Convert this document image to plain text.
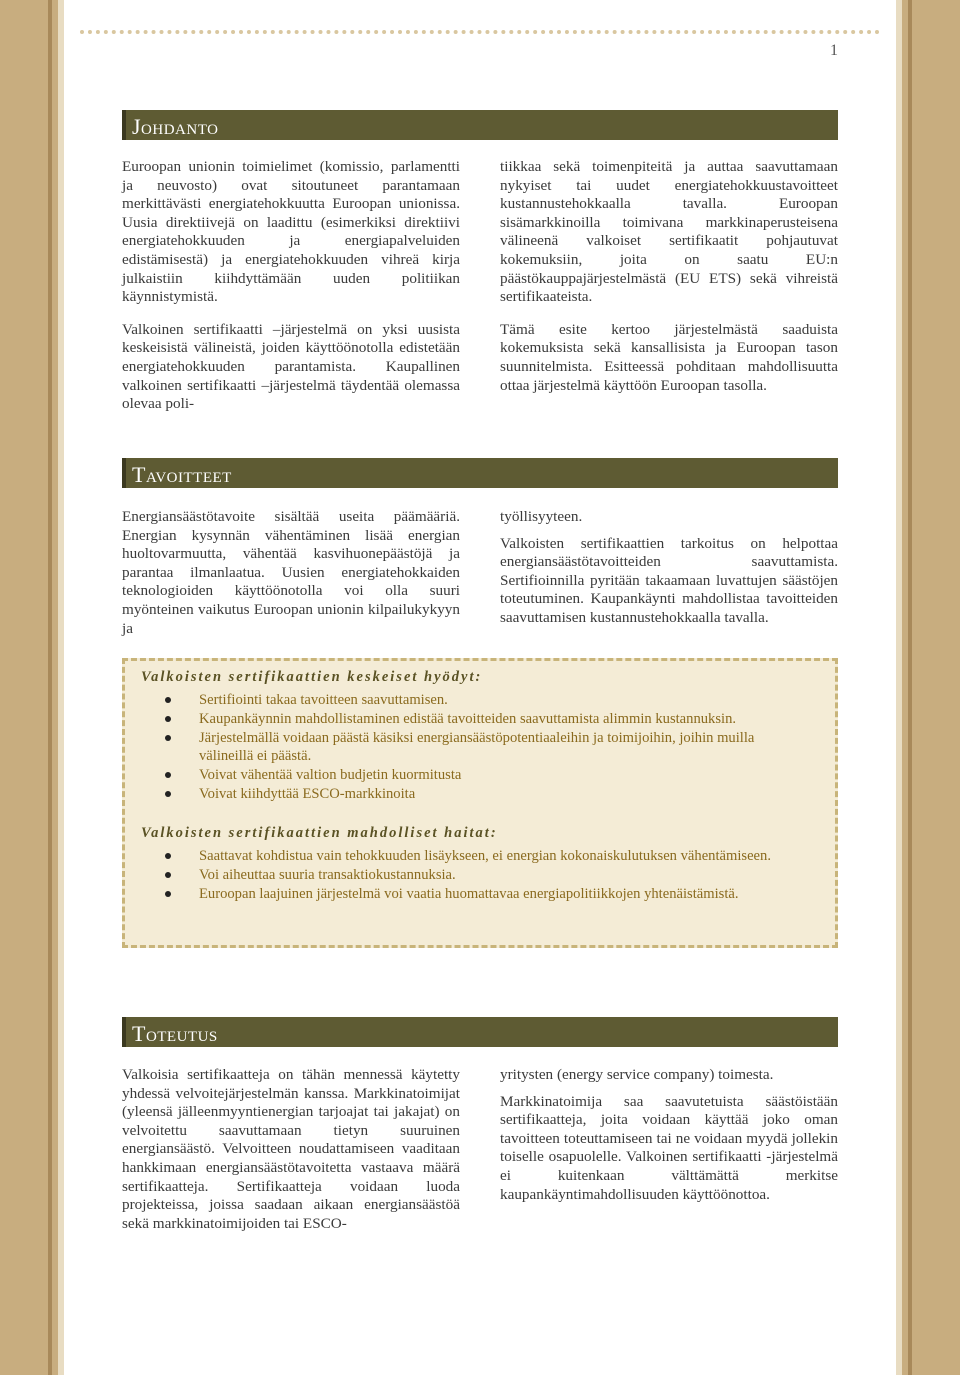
1
Johdanto

Euroopan unionin toimielimet (komissio, parlamentti ja neuvosto) ovat sitoutuneet parantamaan merkittävästi energiatehokkuutta Euroopan unionissa. Uusia direktiivejä on laadittu (esimerkiksi direktiivi energiatehokkuuden ja energiapalveluiden edistämisestä) ja energiatehokkuuden vihreä kirja julkaistiin kiihdyttämään uuden politiikan käynnistymistä.

Valkoinen sertifikaatti –järjestelmä on yksi uusista keskeisistä välineistä, joiden käyttöönotolla edistetään energiatehokkuuden parantamista. Kaupallinen valkoinen sertifikaatti –järjestelmä täydentää olemassa olevaa poli-

tiikkaa sekä toimenpiteitä ja auttaa saavuttamaan nykyiset tai uudet energiatehokkuustavoitteet kustannustehokkaalla tavalla. Euroopan sisämarkkinoilla toimivana markkinaperusteisena välineenä valkoiset sertifikaatit pohjautuvat kokemuksiin, joita on saatu EU:n päästökauppajärjestelmästä (EU ETS) sekä vihreistä sertifikaateista.

Tämä esite kertoo järjestelmästä saaduista kokemuksista sekä kansallisista ja Euroopan tason suunnitelmista. Esitteessä pohditaan mahdollisuutta ottaa järjestelmä käyttöön Euroopan tasolla.

Tavoitteet

Energiansäästötavoite sisältää useita päämääriä. Energian kysynnän vähentäminen lisää energian huoltovarmuutta, vähentää kasvihuonepäästöjä ja parantaa ilmanlaatua. Uusien energiatehokkaiden teknologioiden käyttöönotolla voi olla suuri myönteinen vaikutus Euroopan unionin kilpailukykyyn ja

työllisyyteen.

Valkoisten sertifikaattien tarkoitus on helpottaa energiansäästötavoitteiden saavuttamista. Sertifioinnilla pyritään takaamaan luvattujen säästöjen toteutuminen. Kaupankäynti mahdollistaa tavoitteiden saavuttamisen kustannustehokkaalla tavalla.

Valkoisten sertifikaattien keskeiset hyödyt:
Sertifiointi takaa tavoitteen saavuttamisen.
Kaupankäynnin mahdollistaminen edistää tavoitteiden saavuttamista alimmin kustannuksin.
Järjestelmällä voidaan päästä käsiksi energiansäästöpotentiaaleihin ja toimijoihin, joihin muilla välineillä ei päästä.
Voivat vähentää valtion budjetin kuormitusta
Voivat kiihdyttää ESCO-markkinoita
Valkoisten sertifikaattien mahdolliset haitat:
Saattavat kohdistua vain tehokkuuden lisäykseen, ei energian kokonaiskulutuksen vähentämiseen.
Voi aiheuttaa suuria transaktiokustannuksia.
Euroopan laajuinen järjestelmä voi vaatia huomattavaa energiapolitiikkojen yhtenäistämistä.
Toteutus

Valkoisia sertifikaatteja on tähän mennessä käytetty yhdessä velvoitejärjestelmän kanssa. Markkinatoimijat (yleensä jälleenmyyntienergian tarjoajat tai jakajat) on velvoitettu saavuttamaan tietyn suuruinen energiansäästö. Velvoitteen noudattamiseen vaaditaan hankkimaan energiansäästötavoitetta vastaava määrä sertifikaatteja. Sertifikaatteja voidaan luoda projekteissa, joissa saadaan aikaan energiansäästöä sekä markkinatoimijoiden tai ESCO-

yritysten (energy service company) toimesta.

Markkinatoimija saa saavutetuista säästöistään sertifikaatteja, joita voidaan käyttää joko oman tavoitteen toteuttamiseen tai ne voidaan myydä jollekin toiselle osapuolelle. Valkoinen sertifikaatti -järjestelmä ei kuitenkaan välttämättä merkitse kaupankäyntimahdollisuuden käyttöönottoa.
